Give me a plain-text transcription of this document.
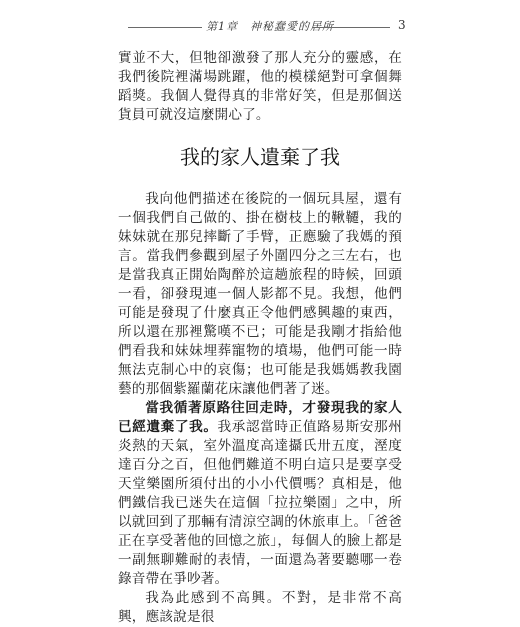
第1章　神秘蠢愛的居所	3

實並不大，但牠卻激發了那人充分的靈感，在我們後院裡滿場跳躍，他的模樣絕對可拿個舞蹈獎。我個人覺得真的非常好笑，但是那個送貨員可就沒這麼開心了。

我的家人遺棄了我

我向他們描述在後院的一個玩具屋，還有一個我們自己做的、掛在樹枝上的鞦韆，我的妹妹就在那兒摔斷了手臂，正應驗了我媽的預言。當我們參觀到屋子外圍四分之三左右，也是當我真正開始陶醉於這趟旅程的時候，回頭一看，卻發現連一個人影都不見。我想，他們可能是發現了什麼真正令他們感興趣的東西，所以還在那裡驚嘆不已；可能是我剛才指給他們看我和妹妹埋葬寵物的墳場，他們可能一時無法克制心中的哀傷；也可能是我媽媽教我園藝的那個紫羅蘭花床讓他們著了迷。

當我循著原路往回走時，才發現我的家人已經遺棄了我。我承認當時正值路易斯安那州炎熱的天氣，室外溫度高達攝氏卅五度，溼度達百分之百，但他們難道不明白這只是要享受天堂樂園所須付出的小小代價嗎？真相是，他們鐵信我已迷失在這個「拉拉樂園」之中，所以就回到了那輛有清涼空調的休旅車上。「爸爸正在享受著他的回憶之旅」，每個人的臉上都是一副無聊難耐的表情，一面還為著要聽哪一卷錄音帶在爭吵著。

我為此感到不高興。不對，是非常不高興，應該說是很
